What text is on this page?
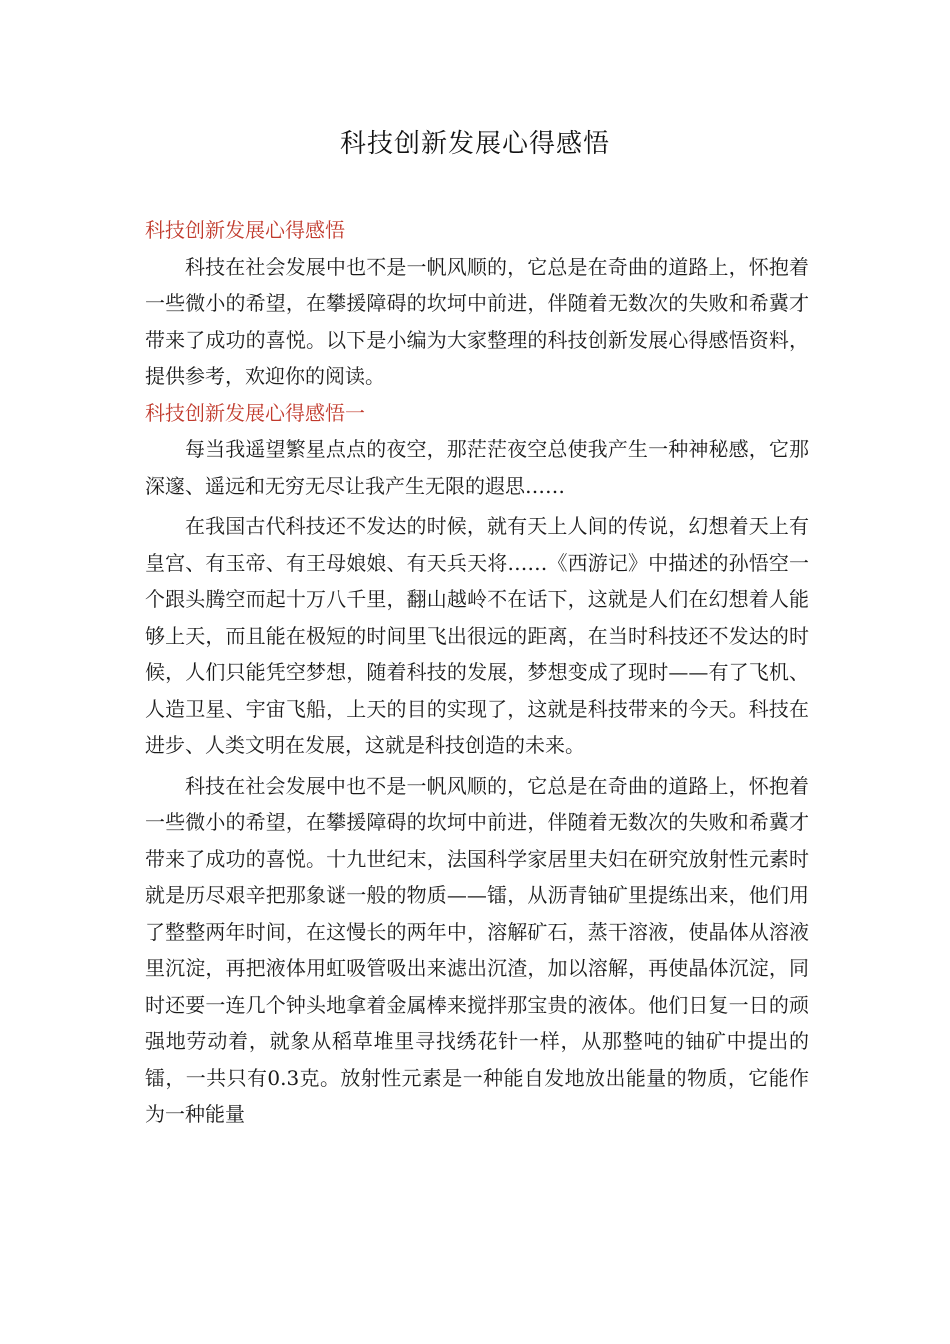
科技创新发展心得感悟

科技创新发展心得感悟

科技在社会发展中也不是一帆风顺的，它总是在奇曲的道路上，怀抱着一些微小的希望，在攀援障碍的坎坷中前进，伴随着无数次的失败和希冀才带来了成功的喜悦。以下是小编为大家整理的科技创新发展心得感悟资料，提供参考，欢迎你的阅读。

科技创新发展心得感悟一

每当我遥望繁星点点的夜空，那茫茫夜空总使我产生一种神秘感，它那深邃、遥远和无穷无尽让我产生无限的遐思……

在我国古代科技还不发达的时候，就有天上人间的传说，幻想着天上有皇宫、有玉帝、有王母娘娘、有天兵天将……《西游记》中描述的孙悟空一个跟头腾空而起十万八千里，翻山越岭不在话下，这就是人们在幻想着人能够上天，而且能在极短的时间里飞出很远的距离，在当时科技还不发达的时候，人们只能凭空梦想，随着科技的发展，梦想变成了现时——有了飞机、人造卫星、宇宙飞船，上天的目的实现了，这就是科技带来的今天。科技在进步、人类文明在发展，这就是科技创造的未来。

科技在社会发展中也不是一帆风顺的，它总是在奇曲的道路上，怀抱着一些微小的希望，在攀援障碍的坎坷中前进，伴随着无数次的失败和希冀才带来了成功的喜悦。十九世纪末，法国科学家居里夫妇在研究放射性元素时就是历尽艰辛把那象谜一般的物质——镭，从沥青铀矿里提练出来，他们用了整整两年时间，在这慢长的两年中，溶解矿石，蒸干溶液，使晶体从溶液里沉淀，再把液体用虹吸管吸出来滤出沉渣，加以溶解，再使晶体沉淀，同时还要一连几个钟头地拿着金属棒来搅拌那宝贵的液体。他们日复一日的顽强地劳动着，就象从稻草堆里寻找绣花针一样，从那整吨的铀矿中提出的镭，一共只有0.3克。放射性元素是一种能自发地放出能量的物质，它能作为一种能量
